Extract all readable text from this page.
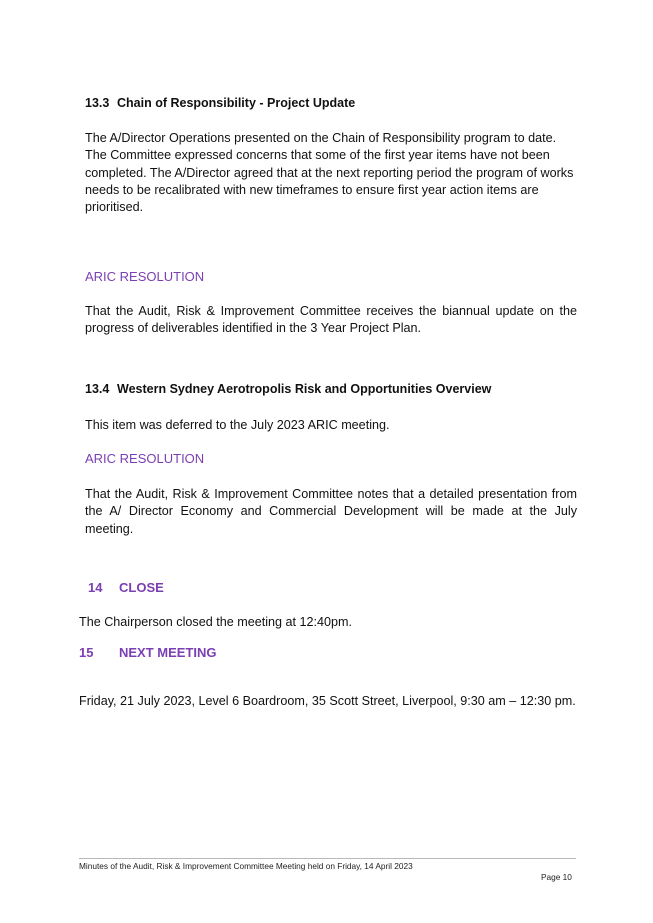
13.3 Chain of Responsibility - Project Update
The A/Director Operations presented on the Chain of Responsibility program to date. The Committee expressed concerns that some of the first year items have not been completed. The A/Director agreed that at the next reporting period the program of works needs to be recalibrated with new timeframes to ensure first year action items are prioritised.
ARIC RESOLUTION
That the Audit, Risk & Improvement Committee receives the biannual update on the progress of deliverables identified in the 3 Year Project Plan.
13.4 Western Sydney Aerotropolis Risk and Opportunities Overview
This item was deferred to the July 2023 ARIC meeting.
ARIC RESOLUTION
That the Audit, Risk & Improvement Committee notes that a detailed presentation from the A/ Director Economy and Commercial Development will be made at the July meeting.
14 CLOSE
The Chairperson closed the meeting at 12:40pm.
15 NEXT MEETING
Friday, 21 July 2023, Level 6 Boardroom, 35 Scott Street, Liverpool, 9:30 am – 12:30 pm.
Minutes of the Audit, Risk & Improvement Committee Meeting held on Friday, 14 April 2023
Page 10
